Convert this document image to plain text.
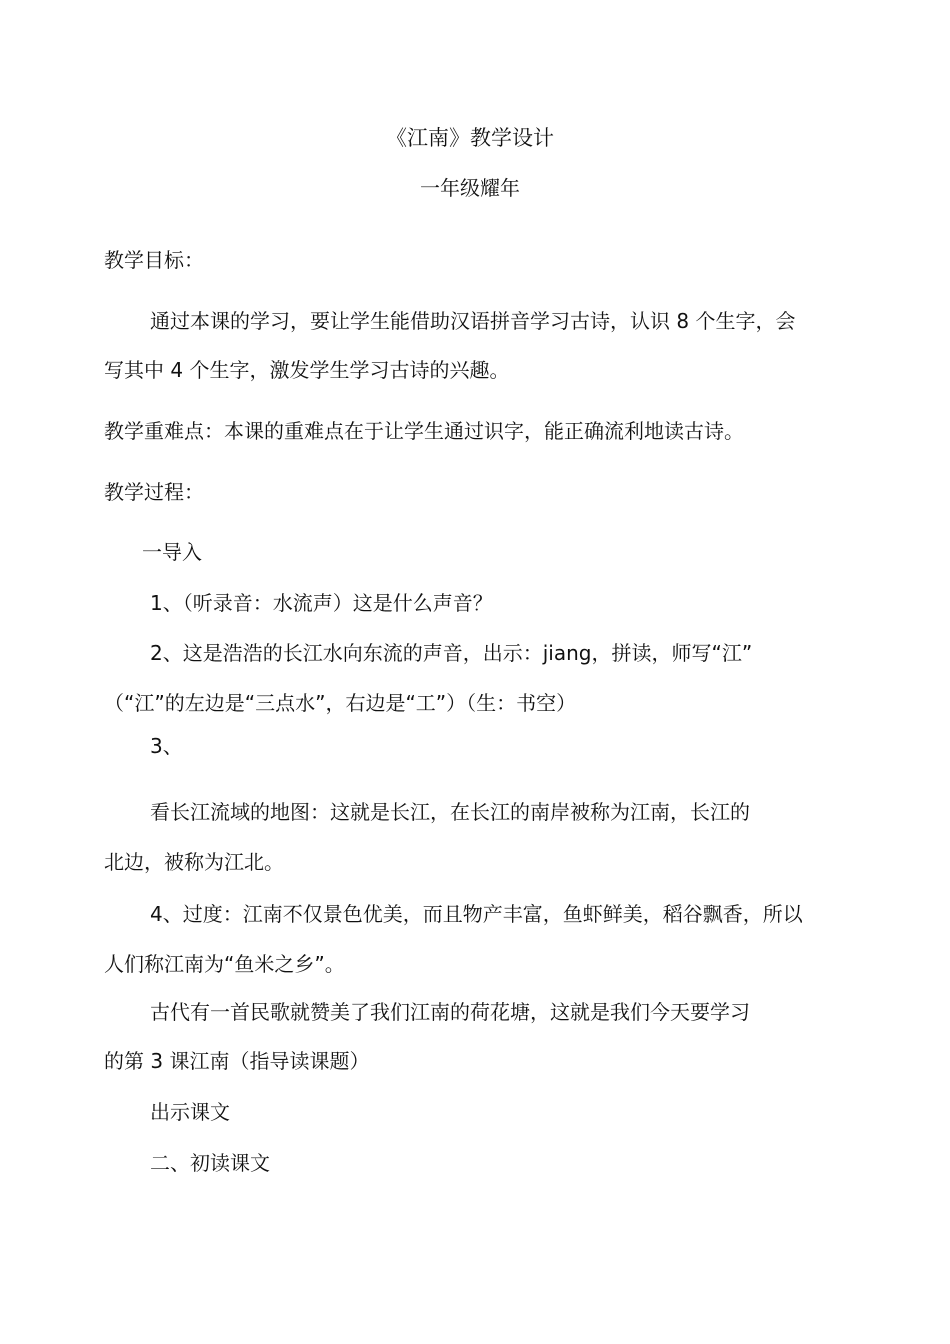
《江南》教学设计
一年级耀年
教学目标：
通过本课的学习，要让学生能借助汉语拼音学习古诗，认识 8 个生字，会
写其中 4 个生字，激发学生学习古诗的兴趣。
教学重难点：本课的重难点在于让学生通过识字，能正确流利地读古诗。
教学过程：
一导入
1、（听录音：水流声）这是什么声音？
2、这是浩浩的长江水向东流的声音，出示：jiang，拼读，师写“江”
（“江”的左边是“三点水”，右边是“工”）（生：书空）
3、
看长江流域的地图：这就是长江，在长江的南岸被称为江南，长江的
北边，被称为江北。
4、过度：江南不仅景色优美，而且物产丰富，鱼虾鲜美，稻谷飘香，所以
人们称江南为“鱼米之乡”。
古代有一首民歌就赞美了我们江南的荷花塘，这就是我们今天要学习
的第 3 课江南（指导读课题）
出示课文
二、初读课文
